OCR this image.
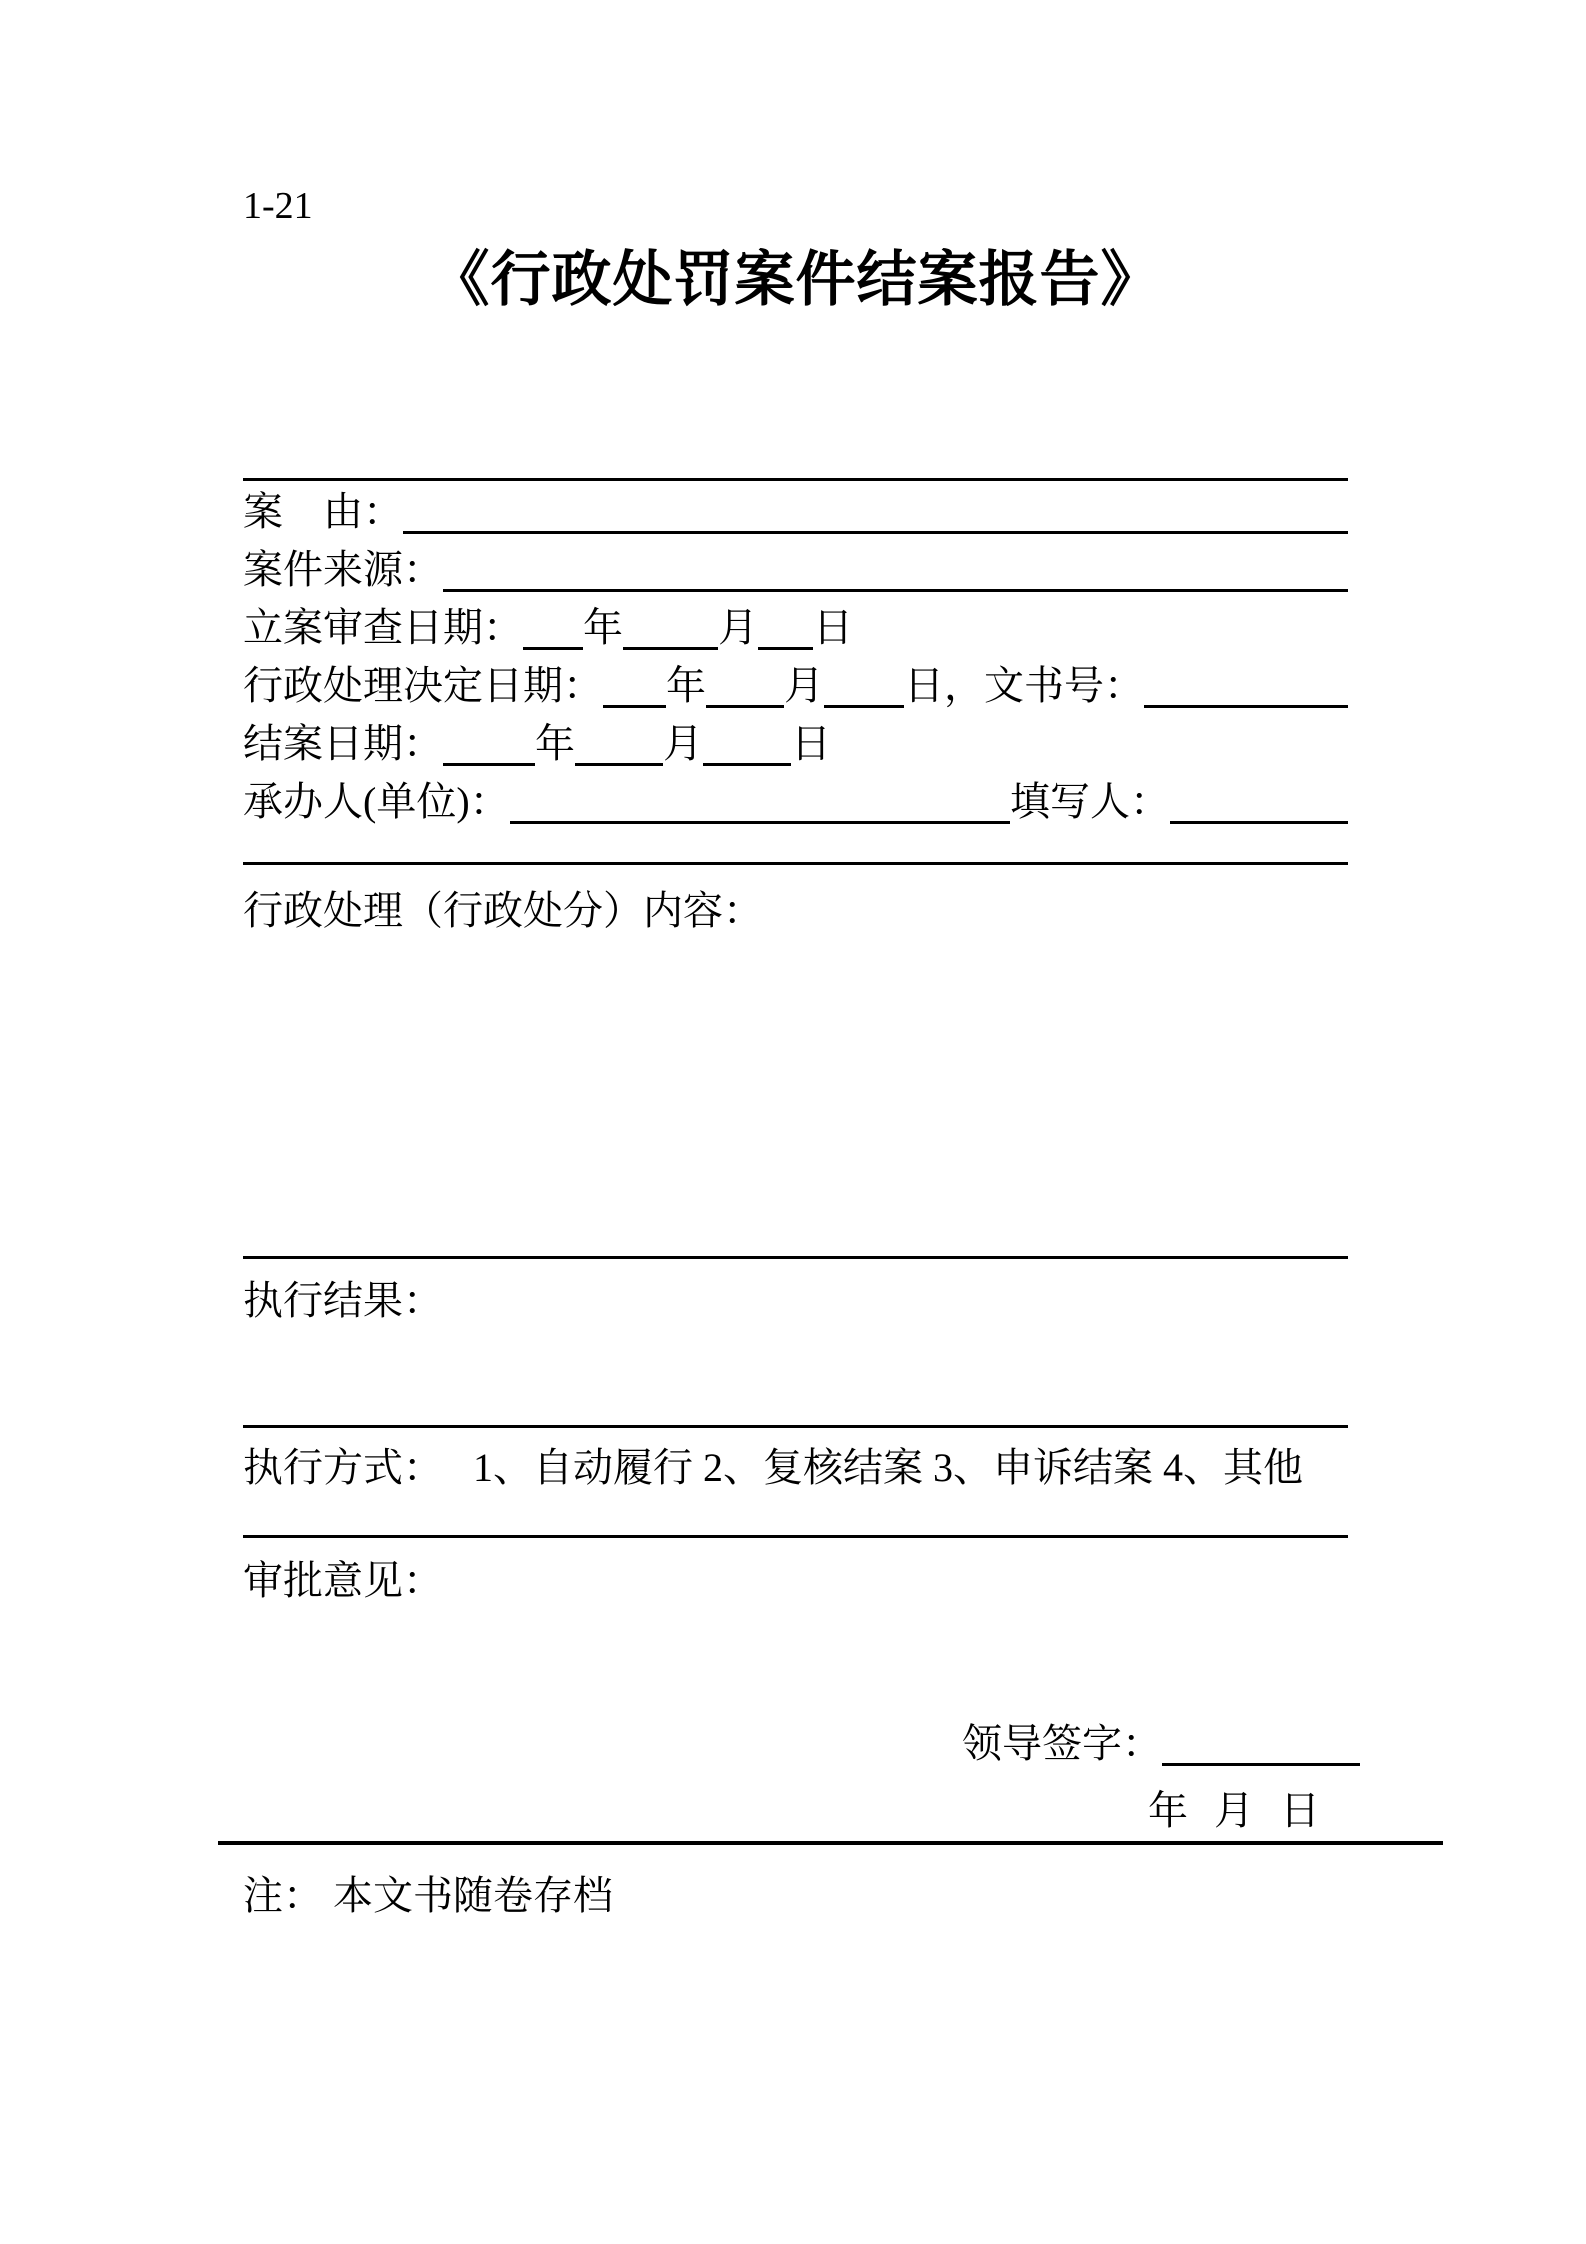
1-21
《行政处罚案件结案报告》
案　由：
案件来源：
立案审查日期： 年 月 日
行政处理决定日期： 年 月 日，文书号：
结案日期： 年 月 日
承办人(单位)：	填写人：
行政处理（行政处分）内容：
执行结果：
执行方式： 1、自动履行 2、复核结案 3、申诉结案 4、其他
审批意见：
领导签字：
年 月 日
注： 本文书随卷存档
